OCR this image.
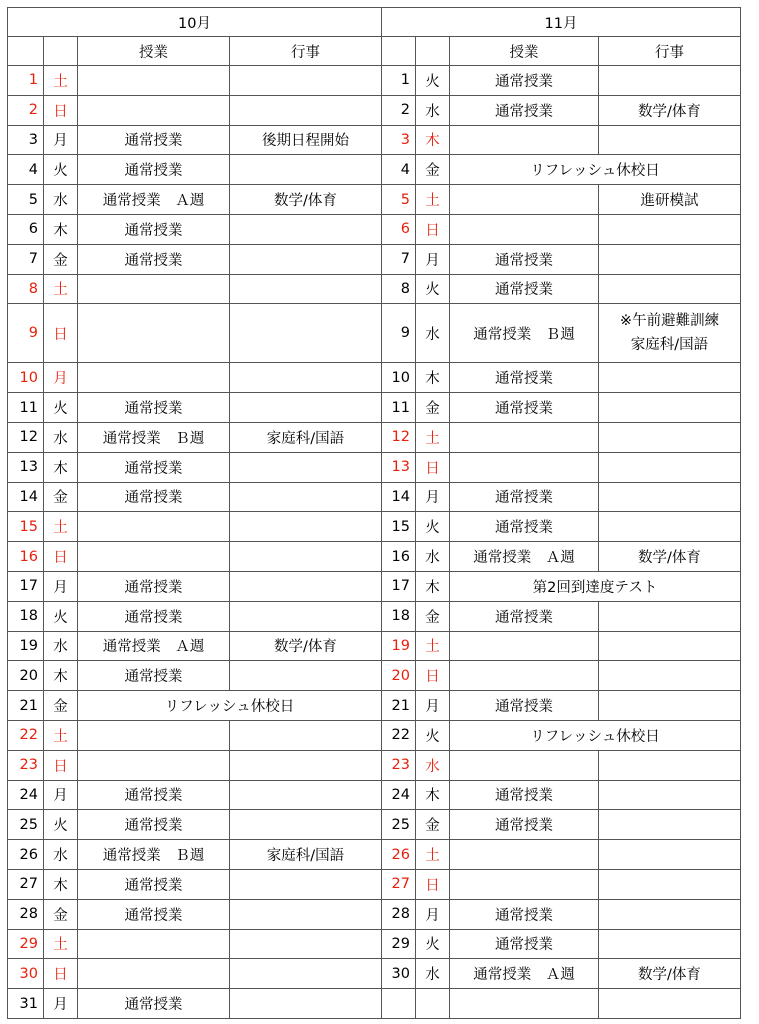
10月				11月			
		授業	行事			授業	行事
1	土			1	火	通常授業	

2	日			2	水	通常授業	数学/体育

3	月	通常授業	後期日程開始	3	木		

4	火	通常授業		4	金	リフレッシュ休校日	
5	水	通常授業　Ａ週	数学/体育	5	土		進研模試

6	木	通常授業		6	日		

7	金	通常授業		7	月	通常授業	

8	土			8	火	通常授業	

9	日			9	水	通常授業　Ｂ週	※午前避難訓練
家庭科/国語

10	月			10	木	通常授業	

11	火	通常授業		11	金	通常授業	

12	水	通常授業　Ｂ週	家庭科/国語	12	土		

13	木	通常授業		13	日		

14	金	通常授業		14	月	通常授業	

15	土			15	火	通常授業	

16	日			16	水	通常授業　Ａ週	数学/体育

17	月	通常授業		17	木	第2回到達度テスト	
18	火	通常授業		18	金	通常授業	

19	水	通常授業　Ａ週	数学/体育	19	土		

20	木	通常授業		20	日		

21	金	リフレッシュ休校日		21	月	通常授業	

22	土			22	火	リフレッシュ休校日	
23	日			23	水		

24	月	通常授業		24	木	通常授業	

25	火	通常授業		25	金	通常授業	

26	水	通常授業　Ｂ週	家庭科/国語	26	土		

27	木	通常授業		27	日		

28	金	通常授業		28	月	通常授業	

29	土			29	火	通常授業	

30	日			30	水	通常授業　Ａ週	数学/体育

31	月	通常授業	
